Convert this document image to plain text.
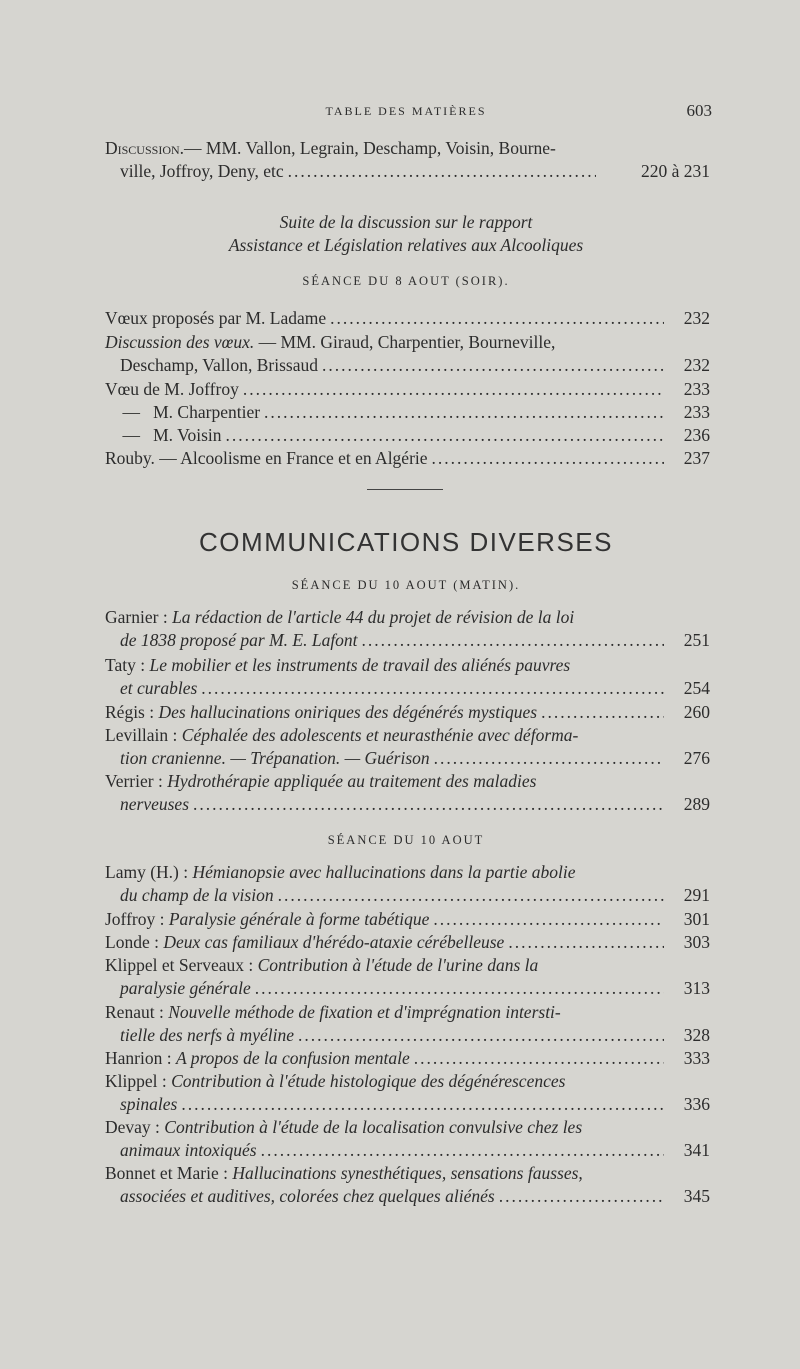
TABLE DES MATIÈRES	603
Discussion. — MM. Vallon, Legrain, Deschamp, Voisin, Bourne-
ville, Joffroy, Deny, etc .....	220 à 231
Suite de la discussion sur le rapport
Assistance et Législation relatives aux Alcooliques
SÉANCE DU 8 AOUT (SOIR).
Vœux proposés par M. Ladame .....	232
Discussion des vœux. — MM. Giraud, Charpentier, Bourneville,
Deschamp, Vallon, Brissaud .....	232
Vœu de M. Joffroy .....	233
—   M. Charpentier .....	233
—   M. Voisin .....	236
Rouby. — Alcoolisme en France et en Algérie .....	237
COMMUNICATIONS DIVERSES
SÉANCE DU 10 AOUT (MATIN).
Garnier : La rédaction de l'article 44 du projet de révision de la loi
de 1838 proposé par M. E. Lafont .....	251
Taty : Le mobilier et les instruments de travail des aliénés pauvres
et curables .....	254
Régis : Des hallucinations oniriques des dégénérés mystiques .....	260
Levillain : Céphalée des adolescents et neurasthénie avec déforma-
tion cranienne. — Trépanation. — Guérison .....	276
Verrier : Hydrothérapie appliquée au traitement des maladies
nerveuses .....	289
SÉANCE DU 10 AOUT
Lamy (H.) : Hémianopsie avec hallucinations dans la partie abolie
du champ de la vision .....	291
Joffroy : Paralysie générale à forme tabétique .....	301
Londe : Deux cas familiaux d'hérédo-ataxie cérébelleuse .....	303
Klippel et Serveaux : Contribution à l'étude de l'urine dans la
paralysie générale .....	313
Renaut : Nouvelle méthode de fixation et d'imprégnation intersti-
tielle des nerfs à myéline .....	328
Hanrion : A propos de la confusion mentale .....	333
Klippel : Contribution à l'étude histologique des dégénérescences
spinales .....	336
Devay : Contribution à l'étude de la localisation convulsive chez les
animaux intoxiqués .....	341
Bonnet et Marie : Hallucinations synesthétiques, sensations fausses,
associées et auditives, colorées chez quelques aliénés .....	345
